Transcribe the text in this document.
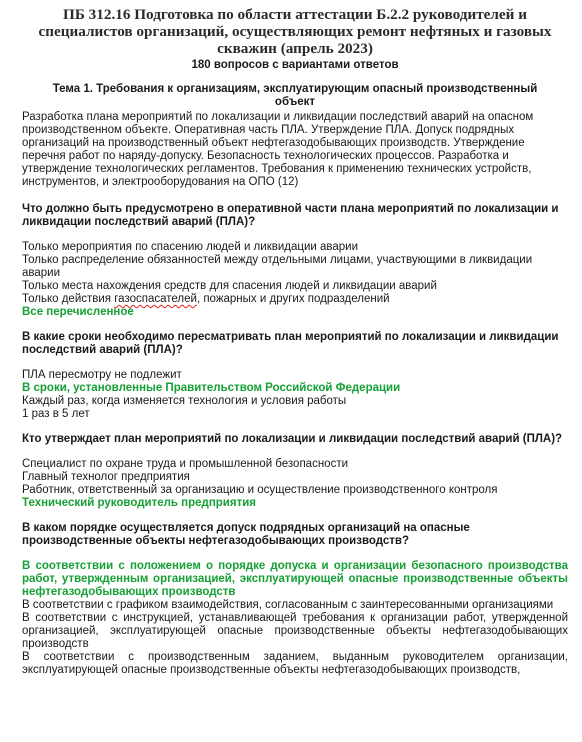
ПБ 312.16 Подготовка по области аттестации Б.2.2 руководителей и специалистов организаций, осуществляющих ремонт нефтяных и газовых скважин (апрель 2023)
180 вопросов с вариантами ответов
Тема 1. Требования к организациям, эксплуатирующим опасный производственный объект
Разработка плана мероприятий по локализации и ликвидации последствий аварий на опасном производственном объекте. Оперативная часть ПЛА. Утверждение ПЛА. Допуск подрядных организаций на производственный объект нефтегазодобывающих производств. Утверждение перечня работ по наряду-допуску. Безопасность технологических процессов. Разработка и утверждение технологических регламентов. Требования к применению технических устройств, инструментов, и электрооборудования на ОПО (12)
Что должно быть предусмотрено в оперативной части плана мероприятий по локализации и ликвидации последствий аварий (ПЛА)?
Только мероприятия по спасению людей и ликвидации аварии
Только распределение обязанностей между отдельными лицами, участвующими в ликвидации аварии
Только места нахождения средств для спасения людей и ликвидации аварий
Только действия газоспасателей, пожарных и других подразделений
Все перечисленное
В какие сроки необходимо пересматривать план мероприятий по локализации и ликвидации последствий аварий (ПЛА)?
ПЛА пересмотру не подлежит
В сроки, установленные Правительством Российской Федерации
Каждый раз, когда изменяется технология и условия работы
1 раз в 5 лет
Кто утверждает план мероприятий по локализации и ликвидации последствий аварий (ПЛА)?
Специалист по охране труда и промышленной безопасности
Главный технолог предприятия
Работник, ответственный за организацию и осуществление производственного контроля
Технический руководитель предприятия
В каком порядке осуществляется допуск подрядных организаций на опасные производственные объекты нефтегазодобывающих производств?
В соответствии с положением о порядке допуска и организации безопасного производства работ, утвержденным организацией, эксплуатирующей опасные производственные объекты нефтегазодобывающих производств
В соответствии с графиком взаимодействия, согласованным с заинтересованными организациями
В соответствии с инструкцией, устанавливающей требования к организации работ, утвержденной организацией, эксплуатирующей опасные производственные объекты нефтегазодобывающих производств
В соответствии с производственным заданием, выданным руководителем организации, эксплуатирующей опасные производственные объекты нефтегазодобывающих производств,
